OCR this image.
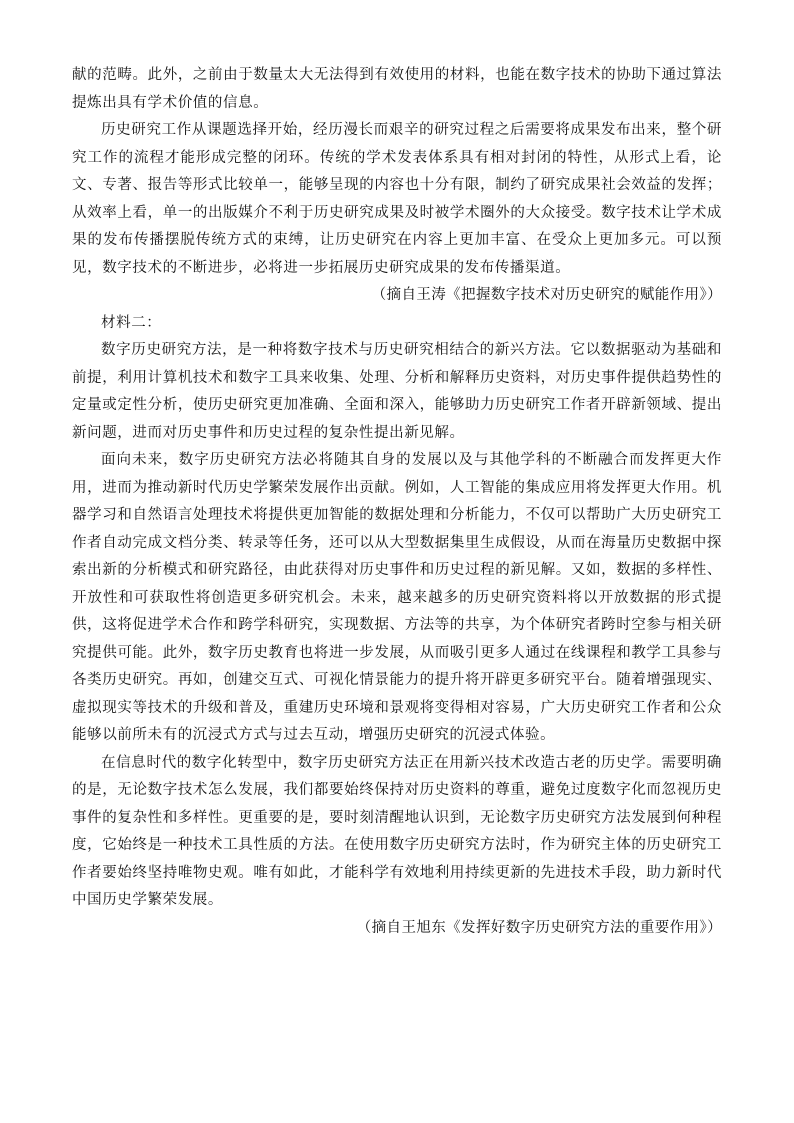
献的范畴。此外，之前由于数量太大无法得到有效使用的材料，也能在数字技术的协助下通过算法提炼出具有学术价值的信息。

历史研究工作从课题选择开始，经历漫长而艰辛的研究过程之后需要将成果发布出来，整个研究工作的流程才能形成完整的闭环。传统的学术发表体系具有相对封闭的特性，从形式上看，论文、专著、报告等形式比较单一，能够呈现的内容也十分有限，制约了研究成果社会效益的发挥；从效率上看，单一的出版媒介不利于历史研究成果及时被学术圈外的大众接受。数字技术让学术成果的发布传播摆脱传统方式的束缚，让历史研究在内容上更加丰富、在受众上更加多元。可以预见，数字技术的不断进步，必将进一步拓展历史研究成果的发布传播渠道。

（摘自王涛《把握数字技术对历史研究的赋能作用》）

材料二：

数字历史研究方法，是一种将数字技术与历史研究相结合的新兴方法。它以数据驱动为基础和前提，利用计算机技术和数字工具来收集、处理、分析和解释历史资料，对历史事件提供趋势性的定量或定性分析，使历史研究更加准确、全面和深入，能够助力历史研究工作者开辟新领域、提出新问题，进而对历史事件和历史过程的复杂性提出新见解。

面向未来，数字历史研究方法必将随其自身的发展以及与其他学科的不断融合而发挥更大作用，进而为推动新时代历史学繁荣发展作出贡献。例如，人工智能的集成应用将发挥更大作用。机器学习和自然语言处理技术将提供更加智能的数据处理和分析能力，不仅可以帮助广大历史研究工作者自动完成文档分类、转录等任务，还可以从大型数据集里生成假设，从而在海量历史数据中探索出新的分析模式和研究路径，由此获得对历史事件和历史过程的新见解。又如，数据的多样性、开放性和可获取性将创造更多研究机会。未来，越来越多的历史研究资料将以开放数据的形式提供，这将促进学术合作和跨学科研究，实现数据、方法等的共享，为个体研究者跨时空参与相关研究提供可能。此外，数字历史教育也将进一步发展，从而吸引更多人通过在线课程和教学工具参与各类历史研究。再如，创建交互式、可视化情景能力的提升将开辟更多研究平台。随着增强现实、虚拟现实等技术的升级和普及，重建历史环境和景观将变得相对容易，广大历史研究工作者和公众能够以前所未有的沉浸式方式与过去互动，增强历史研究的沉浸式体验。

在信息时代的数字化转型中，数字历史研究方法正在用新兴技术改造古老的历史学。需要明确的是，无论数字技术怎么发展，我们都要始终保持对历史资料的尊重，避免过度数字化而忽视历史事件的复杂性和多样性。更重要的是，要时刻清醒地认识到，无论数字历史研究方法发展到何种程度，它始终是一种技术工具性质的方法。在使用数字历史研究方法时，作为研究主体的历史研究工作者要始终坚持唯物史观。唯有如此，才能科学有效地利用持续更新的先进技术手段，助力新时代中国历史学繁荣发展。

（摘自王旭东《发挥好数字历史研究方法的重要作用》）
